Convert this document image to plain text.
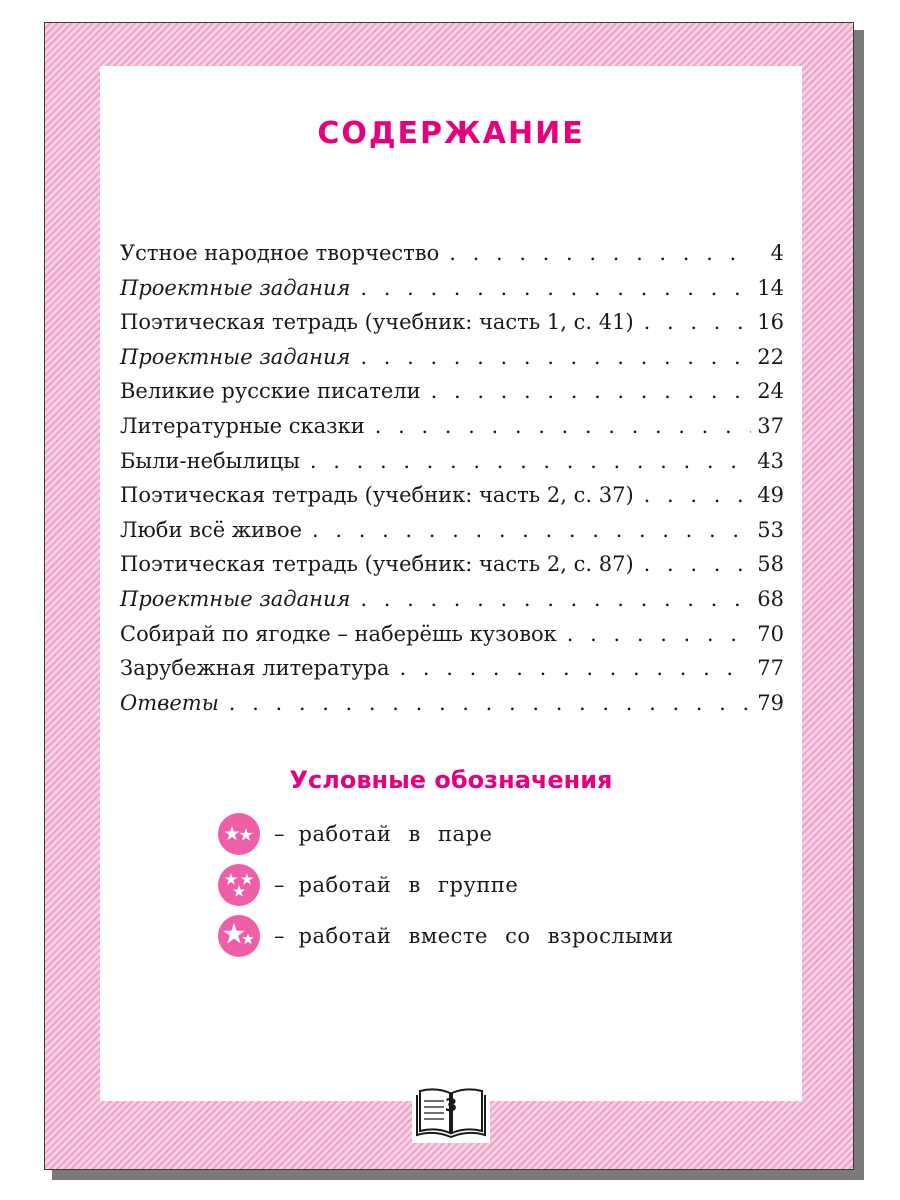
СОДЕРЖАНИЕ
Устное народное творчество . . .	4
Проектные задания . . .	14
Поэтическая тетрадь (учебник: часть 1, с. 41) . . .	16
Проектные задания . . .	22
Великие русские писатели . . .	24
Литературные сказки . . .	37
Были-небылицы . . .	43
Поэтическая тетрадь (учебник: часть 2, с. 37) . . .	49
Люби всё живое . . .	53
Поэтическая тетрадь (учебник: часть 2, с. 87) . . .	58
Проектные задания . . .	68
Собирай по ягодке – наберёшь кузовок . . .	70
Зарубежная литература . . .	77
Ответы . . .	79
Условные обозначения
– работай в паре
– работай в группе
– работай вместе со взрослыми
3
